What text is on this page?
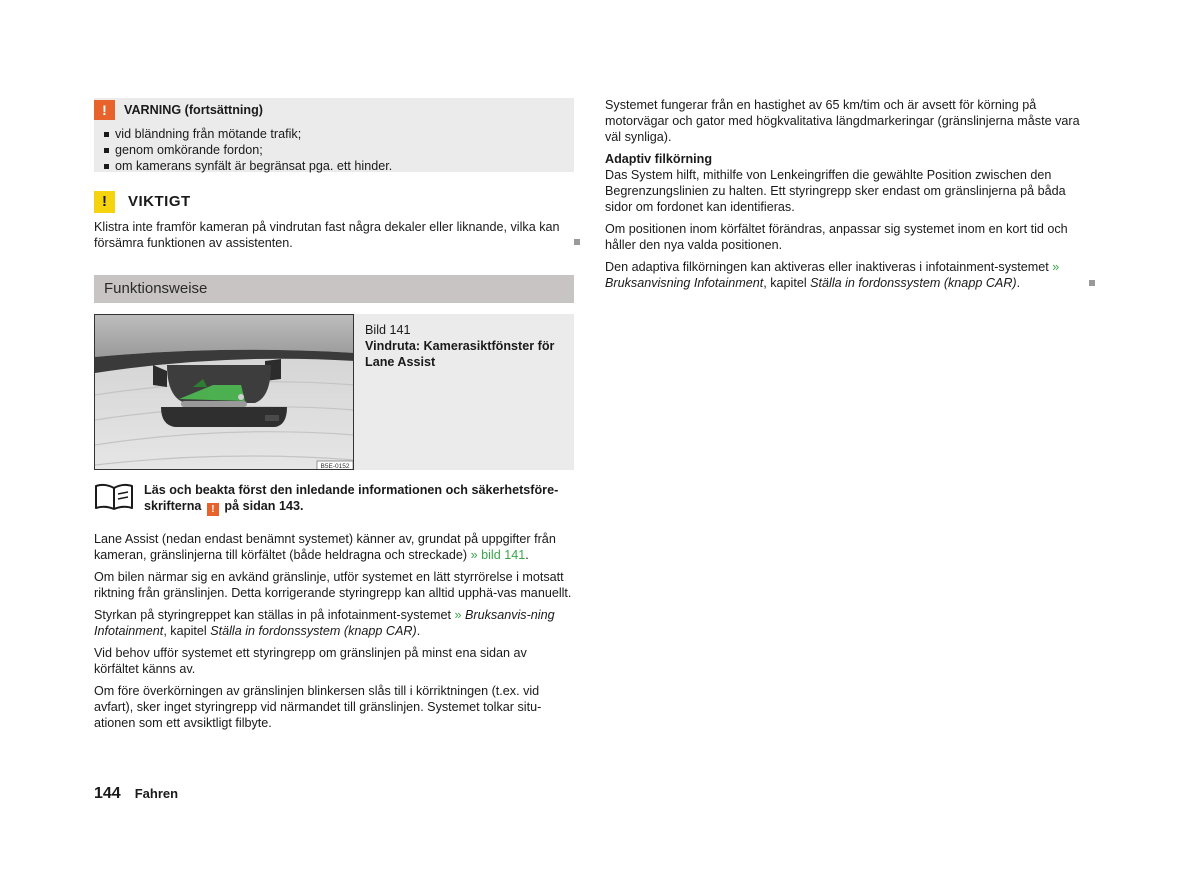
!	VARNING (fortsättning)
vid bländning från mötande trafik;
genom omkörande fordon;
om kamerans synfält är begränsat pga. ett hinder.
!	VIKTIGT

Klistra inte framför kameran på vindrutan fast några dekaler eller liknande, vilka kan försämra funktionen av assistenten.

Funktionsweise
B5E-0152

Bild 141

Vindruta: Kamerasiktfönster för Lane Assist

Läs och beakta först den inledande informationen och säkerhetsföre-skrifterna ! på sidan 143.

Lane Assist (nedan endast benämnt systemet) känner av, grundat på uppgifter från kameran, gränslinjerna till körfältet (både heldragna och streckade) » bild 141.

Om bilen närmar sig en avkänd gränslinje, utför systemet en lätt styrrörelse i motsatt riktning från gränslinjen. Detta korrigerande styringrepp kan alltid upphä-vas manuellt.

Styrkan på styringreppet kan ställas in på infotainment-systemet » Bruksanvis-ning Infotainment, kapitel Ställa in fordonssystem (knapp CAR).

Vid behov ufför systemet ett styringrepp om gränslinjen på minst ena sidan av körfältet känns av.

Om före överkörningen av gränslinjen blinkersen slås till i körriktningen (t.ex. vid avfart), sker inget styringrepp vid närmandet till gränslinjen. Systemet tolkar situ-ationen som ett avsiktligt filbyte.

Systemet fungerar från en hastighet av 65 km/tim och är avsett för körning på motorvägar och gator med högkvalitativa längdmarkeringar (gränslinjerna måste vara väl synliga).

Adaptiv filkörning

Das System hilft, mithilfe von Lenkeingriffen die gewählte Position zwischen den Begrenzungslinien zu halten. Ett styringrepp sker endast om gränslinjerna på båda sidor om fordonet kan identifieras.

Om positionen inom körfältet förändras, anpassar sig systemet inom en kort tid och håller den nya valda positionen.

Den adaptiva filkörningen kan aktiveras eller inaktiveras i infotainment-systemet » Bruksanvisning Infotainment, kapitel Ställa in fordonssystem (knapp CAR).

144 Fahren
